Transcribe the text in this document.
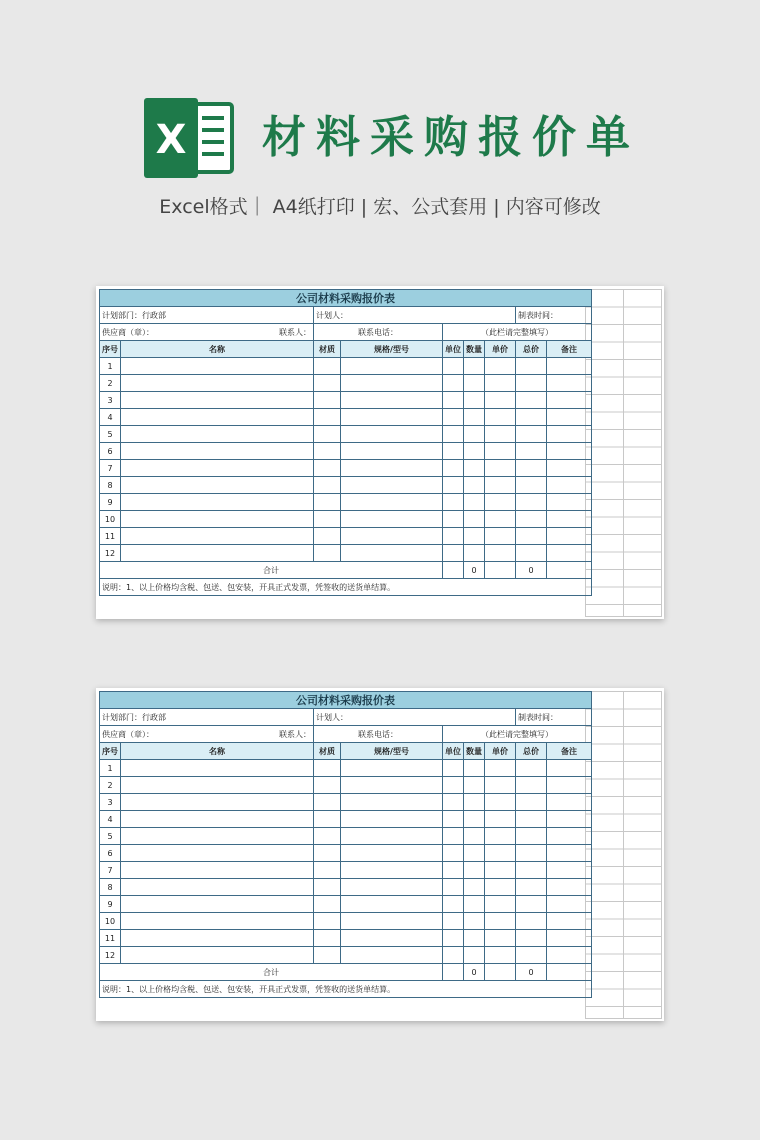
X 材料采购报价单
Excel格式｜ A4纸打印 | 宏、公式套用 | 内容可修改
公司材料采购报价表								
计划部门：行政部		计划人：					制表时间：	
供应商（章）： 联系人：		联系电话：		（此栏请完整填写）				
序号	名称	材质	规格/型号	单位	数量	单价	总价	备注
1								
2								
3								
4								
5								
6								
7								
8								
9								
10								
11								
12								
合计					0		0	
说明：1、以上价格均含税、包送、包安装，开具正式发票，凭签收的送货单结算。								
公司材料采购报价表								
计划部门：行政部		计划人：					制表时间：	
供应商（章）： 联系人：		联系电话：		（此栏请完整填写）				
序号	名称	材质	规格/型号	单位	数量	单价	总价	备注
1								
2								
3								
4								
5								
6								
7								
8								
9								
10								
11								
12								
合计					0		0	
说明：1、以上价格均含税、包送、包安装，开具正式发票，凭签收的送货单结算。								
